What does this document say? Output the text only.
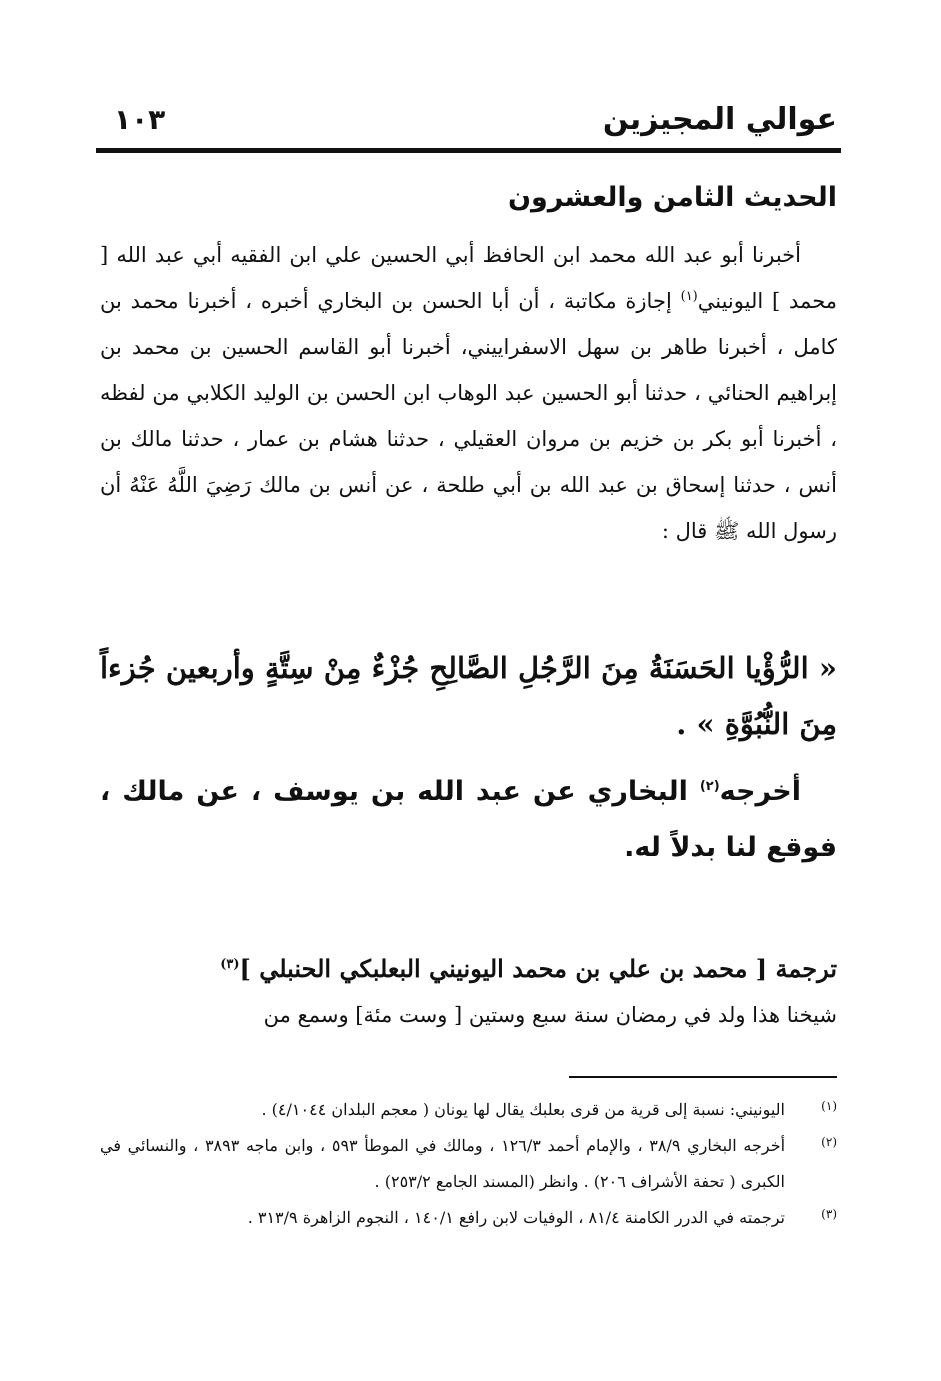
عوالي المجيزين
١٠٣
الحديث الثامن والعشرون

أخبرنا أبو عبد الله محمد ابن الحافظ أبي الحسين علي ابن الفقيه أبي عبد الله [ محمد ] اليونيني$^{(١)}$ إجازة مكاتبة ، أن أبا الحسن بن البخاري أخبره ، أخبرنا محمد بن كامل ، أخبرنا طاهر بن سهل الاسفراييني، أخبرنا أبو القاسم الحسين بن محمد بن إبراهيم الحنائي ، حدثنا أبو الحسين عبد الوهاب ابن الحسن بن الوليد الكلابي من لفظه ، أخبرنا أبو بكر بن خزيم بن مروان العقيلي ، حدثنا هشام بن عمار ، حدثنا مالك بن أنس ، حدثنا إسحاق بن عبد الله بن أبي طلحة ، عن أنس بن مالك رَضِيَ اللَّهُ عَنْهُ أن رسول الله ﷺ قال :

« الرُّؤْيا الحَسَنَةُ مِنَ الرَّجُلِ الصَّالِحِ جُزْءٌ مِنْ سِتَّةٍ وأربعين جُزءاً مِنَ النُّبُوَّةِ » .

أخرجه$^{(٢)}$ البخاري عن عبد الله بن يوسف ، عن مالك ، فوقع لنا بدلاً له.

ترجمة [ محمد بن علي بن محمد اليونيني البعلبكي الحنبلي ]$^{(٣)}$

شيخنا هذا ولد في رمضان سنة سبع وستين [ وست مئة] وسمع من

(١)
اليونيني: نسبة إلى قرية من قرى بعلبك يقال لها يونان ( معجم البلدان ٤/١٠٤٤) .
(٢)
أخرجه البخاري ٣٨/٩ ، والإمام أحمد ١٢٦/٣ ، ومالك في الموطأ ٥٩٣ ، وابن ماجه ٣٨٩٣ ، والنسائي في الكبرى ( تحفة الأشراف ٢٠٦) . وانظر (المسند الجامع ٢٥٣/٢) .
(٣)
ترجمته في الدرر الكامنة ٨١/٤ ، الوفيات لابن رافع ١٤٠/١ ، النجوم الزاهرة ٣١٣/٩ .
